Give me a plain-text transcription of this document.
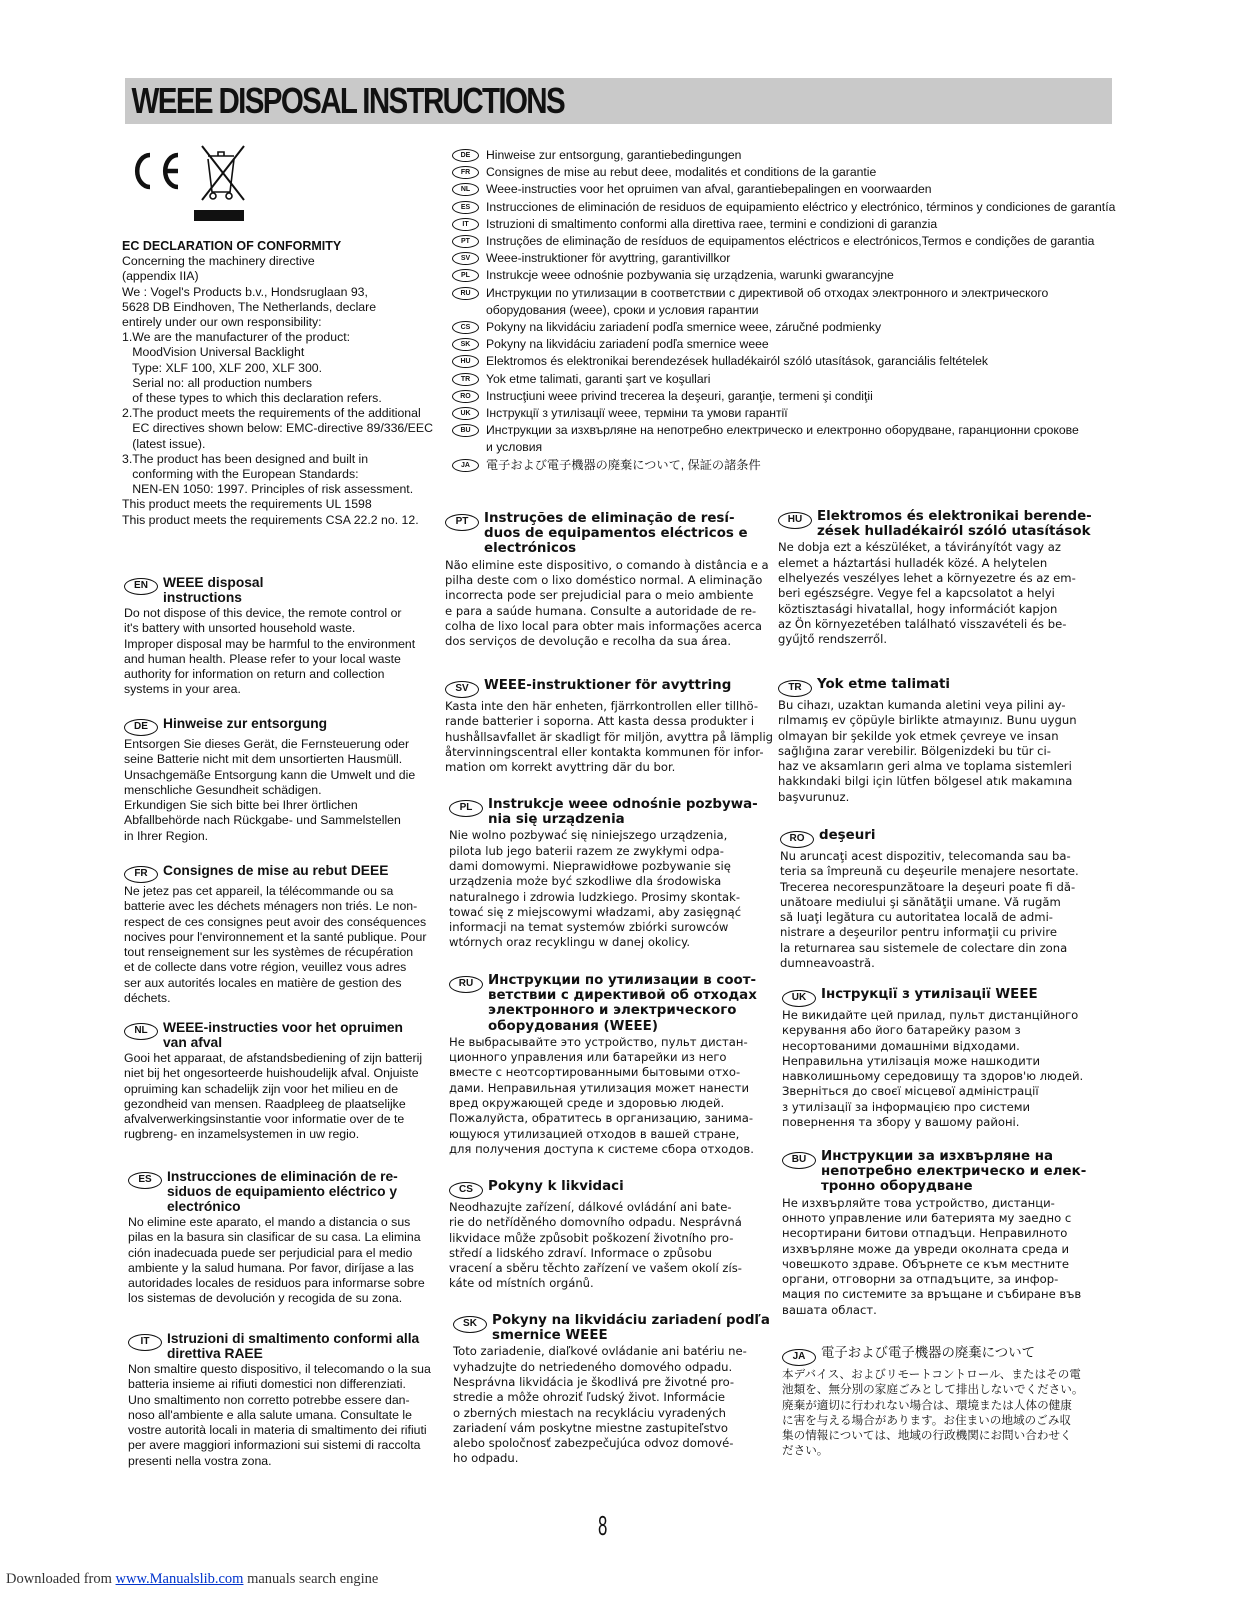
WEEE DISPOSAL INSTRUCTIONS
EC DECLARATION OF CONFORMITY
Concerning the machinery directive
(appendix IIA)
We : Vogel's Products b.v., Hondsruglaan 93,
5628 DB Eindhoven, The Netherlands, declare
entirely under our own responsibility:
1.We are the manufacturer of the product:
MoodVision Universal Backlight
Type: XLF 100, XLF 200, XLF 300.
Serial no: all production numbers
of these types to which this declaration refers.
2.The product meets the requirements of the additional
EC directives shown below: EMC-directive 89/336/EEC
(latest issue).
3.The product has been designed and built in
conforming with the European Standards:
NEN-EN 1050: 1997. Principles of risk assessment.
This product meets the requirements UL 1598
This product meets the requirements CSA 22.2 no. 12.
DE	Hinweise zur entsorgung, garantiebedingungen
FR	Consignes de mise au rebut deee, modalités et conditions de la garantie
NL	Weee-instructies voor het opruimen van afval, garantiebepalingen en voorwaarden
ES	Instrucciones de eliminación de residuos de equipamiento eléctrico y electrónico, términos y condiciones de garantía
IT	Istruzioni di smaltimento conformi alla direttiva raee, termini e condizioni di garanzia
PT	Instruções de eliminação de resíduos de equipamentos eléctricos e electrónicos,Termos e condições de garantia
SV	Weee-instruktioner för avyttring, garantivillkor
PL	Instrukcje weee odnośnie pozbywania się urządzenia, warunki gwarancyjne
RU	Инструкции по утилизации в соответствии с директивой об отходах электронного и электрического
оборудования (weee), сроки и условия гарантии
CS	Pokyny na likvidáciu zariadení podľa smernice weee, záručné podmienky
SK	Pokyny na likvidáciu zariadení podľa smernice weee
HU	Elektromos és elektronikai berendezések hulladékairól szóló utasítások, garanciális feltételek
TR	Yok etme talimati, garanti şart ve koşullari
RO	Instrucţiuni weee privind trecerea la deşeuri, garanţie, termeni şi condiţii
UK	Інструкції з утилізації weee, терміни та умови гарантії
BU	Инструкции за изхвърляне на непотребно електрическо и електронно оборудване, гаранционни срокове
и условия
JA	電子および電子機器の廃棄について, 保証の諸条件
EN	WEEE disposal
instructions
Do not dispose of this device, the remote control or
it's battery with unsorted household waste.
Improper disposal may be harmful to the environment
and human health. Please refer to your local waste
authority for information on return and collection
systems in your area.
DE	Hinweise zur entsorgung
Entsorgen Sie dieses Gerät, die Fernsteuerung oder
seine Batterie nicht mit dem unsortierten Hausmüll.
Unsachgemäße Entsorgung kann die Umwelt und die
menschliche Gesundheit schädigen.
Erkundigen Sie sich bitte bei Ihrer örtlichen
Abfallbehörde nach Rückgabe- und Sammelstellen
in Ihrer Region.
FR	Consignes de mise au rebut DEEE
Ne jetez pas cet appareil, la télécommande ou sa
batterie avec les déchets ménagers non triés. Le non-
respect de ces consignes peut avoir des conséquences
nocives pour l'environnement et la santé publique. Pour
tout renseignement sur les systèmes de récupération
et de collecte dans votre région, veuillez vous adres
ser aux autorités locales en matière de gestion des
déchets.
NL	WEEE-instructies voor het opruimen
van afval
Gooi het apparaat, de afstandsbediening of zijn batterij
niet bij het ongesorteerde huishoudelijk afval. Onjuiste
opruiming kan schadelijk zijn voor het milieu en de
gezondheid van mensen. Raadpleeg de plaatselijke
afvalverwerkingsinstantie voor informatie over de te
rugbreng- en inzamelsystemen in uw regio.
ES	Instrucciones de eliminación de re-
siduos de equipamiento eléctrico y
electrónico
No elimine este aparato, el mando a distancia o sus
pilas en la basura sin clasificar de su casa. La elimina
ción inadecuada puede ser perjudicial para el medio
ambiente y la salud humana. Por favor, diríjase a las
autoridades locales de residuos para informarse sobre
los sistemas de devolución y recogida de su zona.
IT	Istruzioni di smaltimento conformi alla
direttiva RAEE
Non smaltire questo dispositivo, il telecomando o la sua
batteria insieme ai rifiuti domestici non differenziati.
Uno smaltimento non corretto potrebbe essere dan-
noso all'ambiente e alla salute umana. Consultate le
vostre autorità locali in materia di smaltimento dei rifiuti
per avere maggiori informazioni sui sistemi di raccolta
presenti nella vostra zona.
PT	Instruções de eliminação de resí-
duos de equipamentos eléctricos e
electrónicos
Não elimine este dispositivo, o comando à distância e a
pilha deste com o lixo doméstico normal. A eliminação
incorrecta pode ser prejudicial para o meio ambiente
e para a saúde humana. Consulte a autoridade de re-
colha de lixo local para obter mais informações acerca
dos serviços de devolução e recolha da sua área.
SV	WEEE-instruktioner för avyttring
Kasta inte den här enheten, fjärrkontrollen eller tillhö-
rande batterier i soporna. Att kasta dessa produkter i
hushållsavfallet är skadligt för miljön, avyttra på lämplig
återvinningscentral eller kontakta kommunen för infor-
mation om korrekt avyttring där du bor.
PL	Instrukcje weee odnośnie pozbywa-
nia się urządzenia
Nie wolno pozbywać się niniejszego urządzenia,
pilota lub jego baterii razem ze zwykłymi odpa-
dami domowymi. Nieprawidłowe pozbywanie się
urządzenia może być szkodliwe dla środowiska
naturalnego i zdrowia ludzkiego. Prosimy skontak-
tować się z miejscowymi władzami, aby zasięgnąć
informacji na temat systemów zbiórki surowców
wtórnych oraz recyklingu w danej okolicy.
RU	Инструкции по утилизации в соот-
ветствии с директивой об отходах
электронного и электрического
оборудования (WEEE)
Не выбрасывайте это устройство, пульт дистан-
ционного управления или батарейки из него
вместе с неотсортированными бытовыми отхо-
дами. Неправильная утилизация может нанести
вред окружающей среде и здоровью людей.
Пожалуйста, обратитесь в организацию, занима-
ющуюся утилизацией отходов в вашей стране,
для получения доступа к системе сбора отходов.
CS	Pokyny k likvidaci
Neodhazujte zařízení, dálkové ovládání ani bate-
rie do netříděného domovního odpadu. Nesprávná
likvidace může způsobit poškození životního pro-
středí a lidského zdraví. Informace o způsobu
vracení a sběru těchto zařízení ve vašem okolí zís-
káte od místních orgánů.
SK	Pokyny na likvidáciu zariadení podľa
smernice WEEE
Toto zariadenie, diaľkové ovládanie ani batériu ne-
vyhadzujte do netriedeného domového odpadu.
Nesprávna likvidácia je škodlivá pre životné pro-
stredie a môže ohroziť ľudský život. Informácie
o zberných miestach na recykláciu vyradených
zariadení vám poskytne miestne zastupiteľstvo
alebo spoločnosť zabezpečujúca odvoz domové-
ho odpadu.
HU	Elektromos és elektronikai berende-
zések hulladékairól szóló utasítások
Ne dobja ezt a készüléket, a távirányítót vagy az
elemet a háztartási hulladék közé. A helytelen
elhelyezés veszélyes lehet a környezetre és az em-
beri egészségre. Vegye fel a kapcsolatot a helyi
köztisztasági hivatallal, hogy információt kapjon
az Ön környezetében található visszavételi és be-
gyűjtő rendszerről.
TR	Yok etme talimati
Bu cihazı, uzaktan kumanda aletini veya pilini ay-
rılmamış ev çöpüyle birlikte atmayınız. Bunu uygun
olmayan bir şekilde yok etmek çevreye ve insan
sağlığına zarar verebilir. Bölgenizdeki bu tür ci-
haz ve aksamların geri alma ve toplama sistemleri
hakkındaki bilgi için lütfen bölgesel atık makamına
başvurunuz.
RO	deşeuri
Nu aruncaţi acest dispozitiv, telecomanda sau ba-
teria sa împreună cu deşeurile menajere nesortate.
Trecerea necorespunzătoare la deşeuri poate fi dă-
unătoare mediului şi sănătăţii umane. Vă rugăm
să luaţi legătura cu autoritatea locală de admi-
nistrare a deşeurilor pentru informaţii cu privire
la returnarea sau sistemele de colectare din zona
dumneavoastră.
UK	Інструкції з утилізації WEEE
Не викидайте цей прилад, пульт дистанційного
керування або його батарейку разом з
несортованими домашніми відходами.
Неправильна утилізація може нашкодити
навколишньому середовищу та здоров'ю людей.
Зверніться до своєї місцевої адміністрації
з утилізації за інформацією про системи
повернення та збору у вашому районі.
BU	Инструкции за изхвърляне на
непотребно електрическо и елек-
тронно оборудване
Не изхвърляйте това устройство, дистанци-
онното управление или батерията му заедно с
несортирани битови отпадъци. Неправилното
изхвърляне може да увреди околната среда и
човешкото здраве. Обърнете се към местните
органи, отговорни за отпадъците, за инфор-
мация по системите за връщане и събиране във
вашата област.
JA	電子および電子機器の廃棄について
本デバイス、およびリモートコントロール、またはその電
池類を、無分別の家庭ごみとして排出しないでください。
廃棄が適切に行われない場合は、環境または人体の健康
に害を与える場合があります。お住まいの地域のごみ収
集の情報については、地域の行政機関にお問い合わせく
ださい。
8
Downloaded from www.Manualslib.com manuals search engine
